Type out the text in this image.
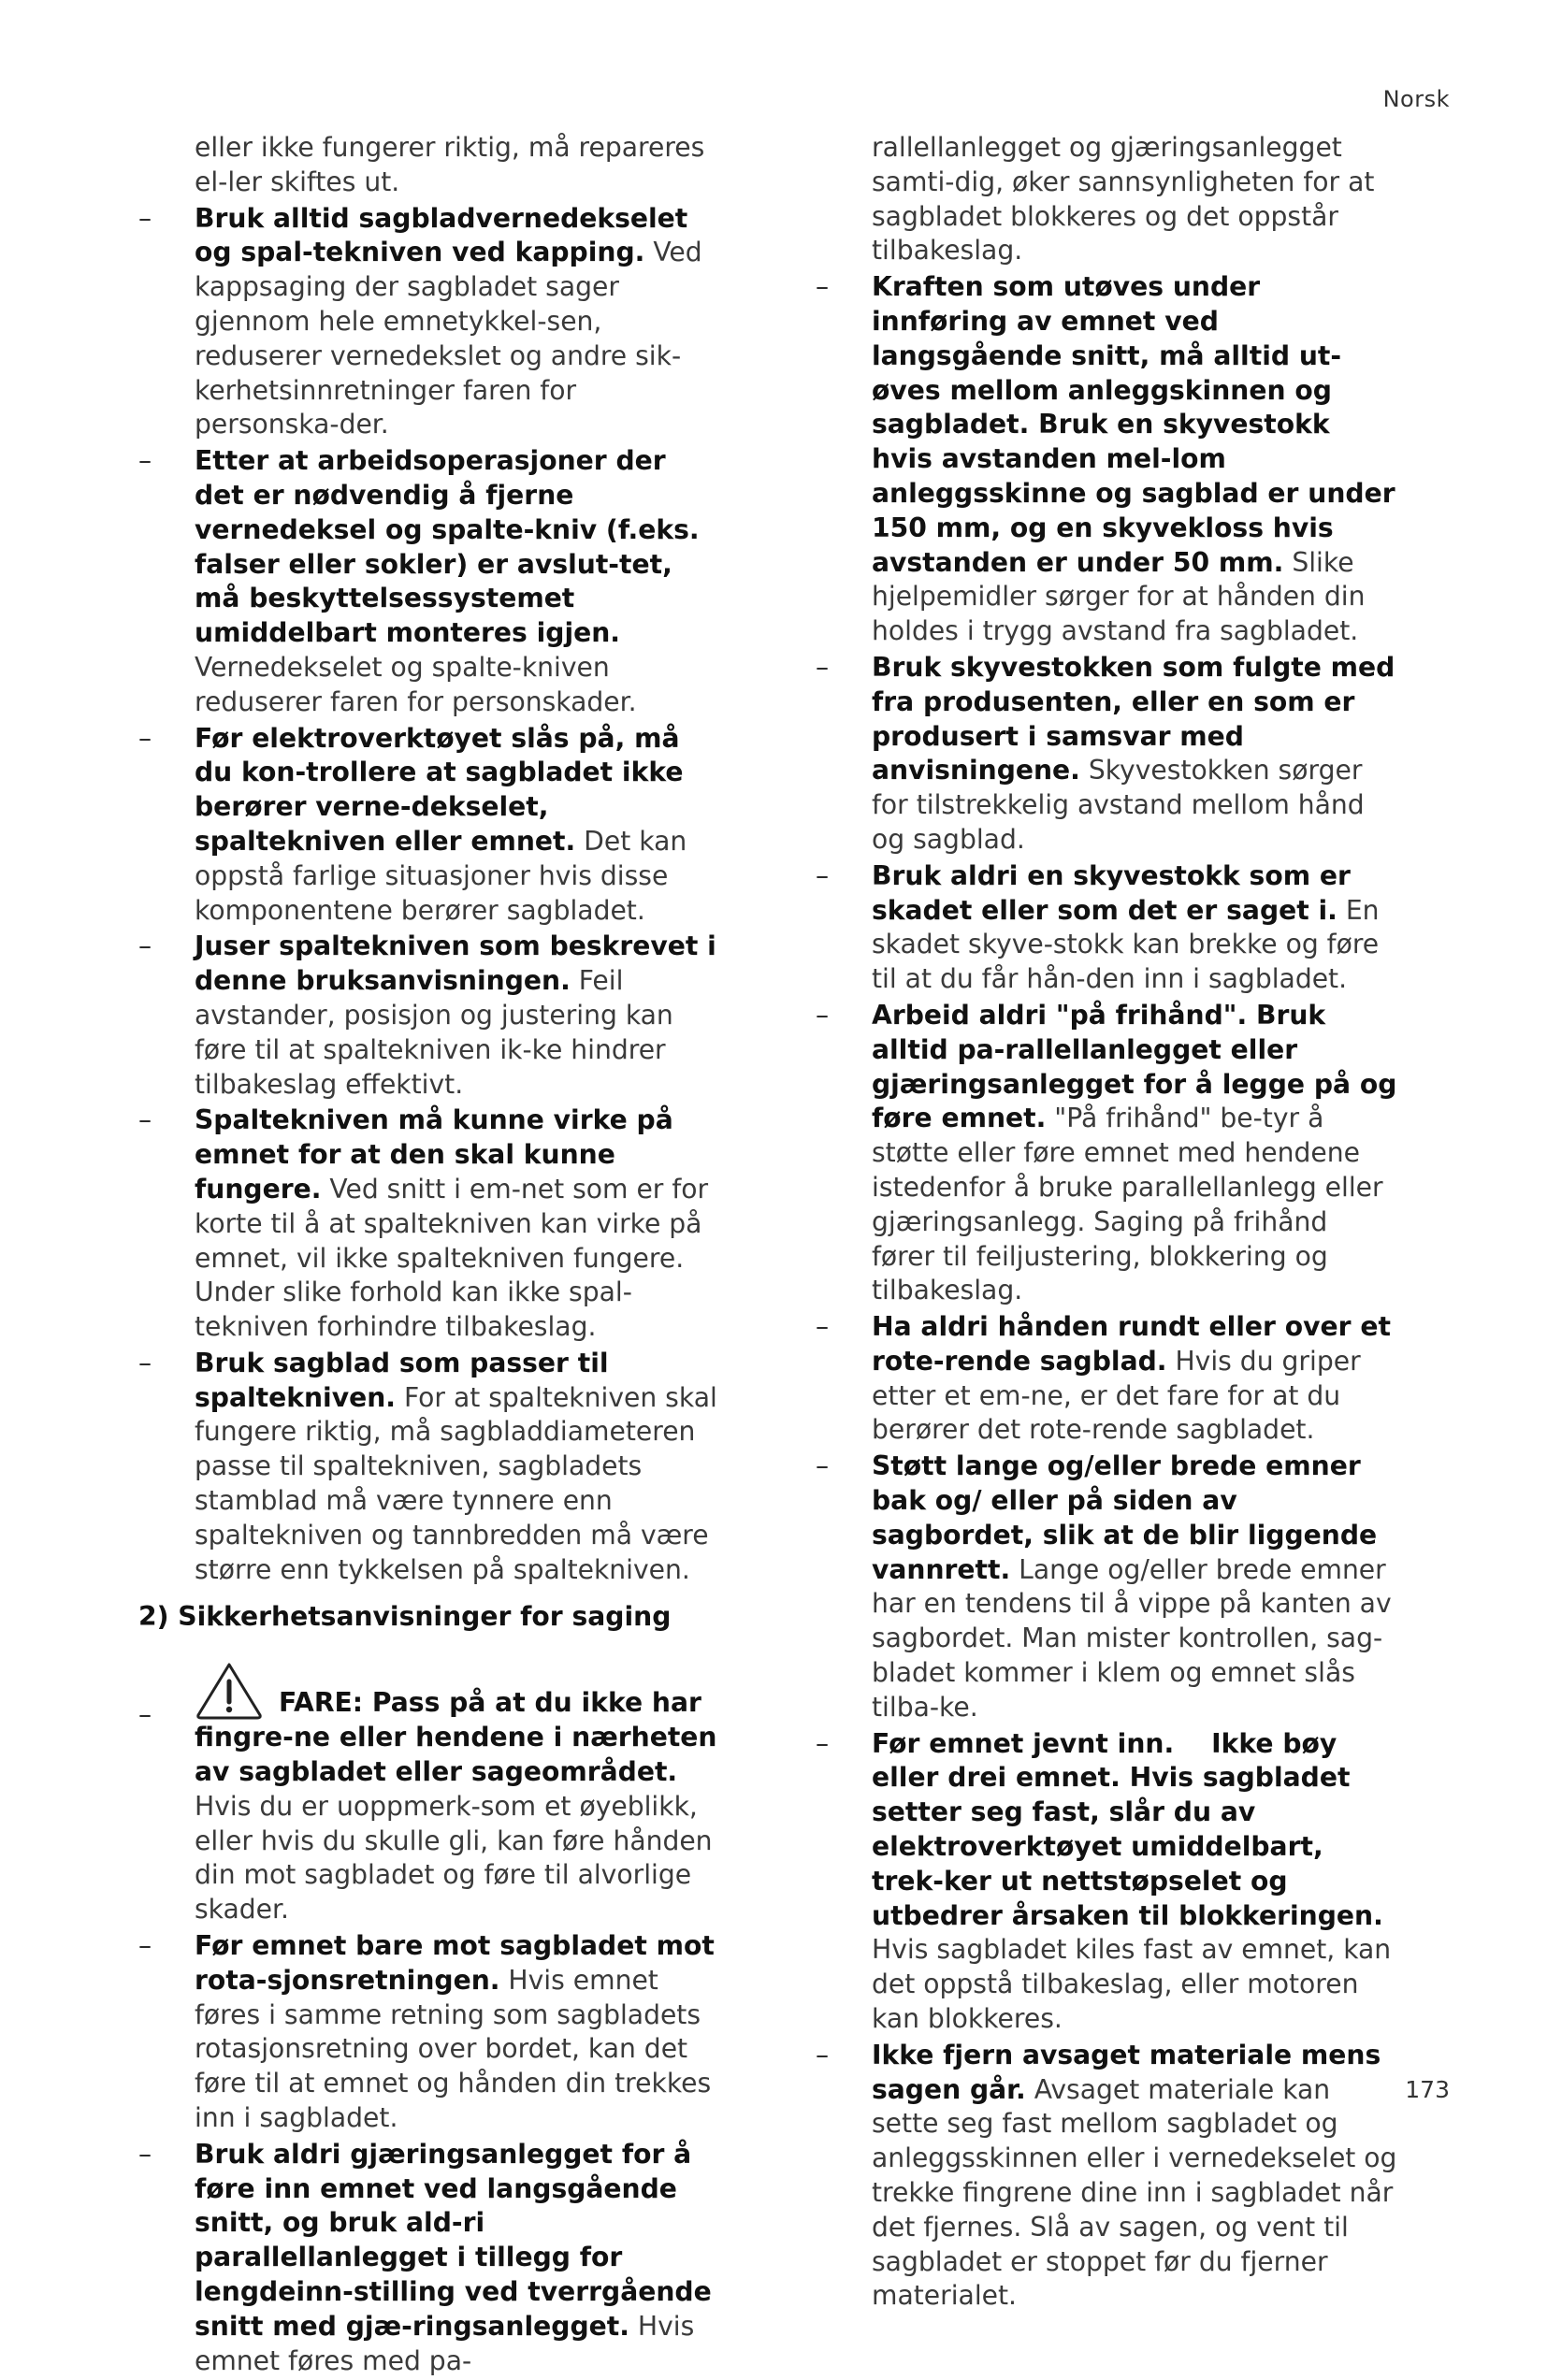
Norsk
eller ikke fungerer riktig, må repareres el-ler skiftes ut.
–	Bruk alltid sagbladvernedekselet og spal-tekniven ved kapping. Ved kappsaging der sagbladet sager gjennom hele emnetykkel-sen, reduserer vernedekslet og andre sik-kerhetsinnretninger faren for personska-der.
–	Etter at arbeidsoperasjoner der det er nødvendig å fjerne vernedeksel og spalte-kniv (f.eks. falser eller sokler) er avslut-tet, må beskyttelsessystemet umiddelbart monteres igjen. Vernedekselet og spalte-kniven reduserer faren for personskader.
–	Før elektroverktøyet slås på, må du kon-trollere at sagbladet ikke berører verne-dekselet, spaltekniven eller emnet. Det kan oppstå farlige situasjoner hvis disse komponentene berører sagbladet.
–	Juser spaltekniven som beskrevet i denne bruksanvisningen. Feil avstander, posisjon og justering kan føre til at spaltekniven ik-ke hindrer tilbakeslag effektivt.
–	Spaltekniven må kunne virke på emnet for at den skal kunne fungere. Ved snitt i em-net som er for korte til å at spaltekniven kan virke på emnet, vil ikke spaltekniven fungere. Under slike forhold kan ikke spal-tekniven forhindre tilbakeslag.
–	Bruk sagblad som passer til spaltekniven. For at spaltekniven skal fungere riktig, må sagbladdiameteren passe til spaltekniven, sagbladets stamblad må være tynnere enn spaltekniven og tannbredden må være større enn tykkelsen på spaltekniven.
2) Sikkerhetsanvisninger for saging
–	FARE: Pass på at du ikke har fingre-ne eller hendene i nærheten av sagbladet eller sageområdet. Hvis du er uoppmerk-som et øyeblikk, eller hvis du skulle gli, kan føre hånden din mot sagbladet og føre til alvorlige skader.
–	Før emnet bare mot sagbladet mot rota-sjonsretningen. Hvis emnet føres i samme retning som sagbladets rotasjonsretning over bordet, kan det føre til at emnet og hånden din trekkes inn i sagbladet.
–	Bruk aldri gjæringsanlegget for å føre inn emnet ved langsgående snitt, og bruk ald-ri parallellanlegget i tillegg for lengdeinn-stilling ved tverrgående snitt med gjæ-ringsanlegget. Hvis emnet føres med pa-
rallellanlegget og gjæringsanlegget samti-dig, øker sannsynligheten for at sagbladet blokkeres og det oppstår tilbakeslag.
–	Kraften som utøves under innføring av emnet ved langsgående snitt, må alltid ut-øves mellom anleggskinnen og sagbladet. Bruk en skyvestokk hvis avstanden mel-lom anleggsskinne og sagblad er under 150 mm, og en skyvekloss hvis avstanden er under 50 mm. Slike hjelpemidler sørger for at hånden din holdes i trygg avstand fra sagbladet.
–	Bruk skyvestokken som fulgte med fra produsenten, eller en som er produsert i samsvar med anvisningene. Skyvestokken sørger for tilstrekkelig avstand mellom hånd og sagblad.
–	Bruk aldri en skyvestokk som er skadet eller som det er saget i. En skadet skyve-stokk kan brekke og føre til at du får hån-den inn i sagbladet.
–	Arbeid aldri "på frihånd". Bruk alltid pa-rallellanlegget eller gjæringsanlegget for å legge på og føre emnet. "På frihånd" be-tyr å støtte eller føre emnet med hendene istedenfor å bruke parallellanlegg eller gjæringsanlegg. Saging på frihånd fører til feiljustering, blokkering og tilbakeslag.
–	Ha aldri hånden rundt eller over et rote-rende sagblad. Hvis du griper etter et em-ne, er det fare for at du berører det rote-rende sagbladet.
–	Støtt lange og/eller brede emner bak og/ eller på siden av sagbordet, slik at de blir liggende vannrett. Lange og/eller brede emner har en tendens til å vippe på kanten av sagbordet. Man mister kontrollen, sag-bladet kommer i klem og emnet slås tilba-ke.
–	Før emnet jevnt inn. Ikke bøy eller drei emnet. Hvis sagbladet setter seg fast, slår du av elektroverktøyet umiddelbart, trek-ker ut nettstøpselet og utbedrer årsaken til blokkeringen. Hvis sagbladet kiles fast av emnet, kan det oppstå tilbakeslag, eller motoren kan blokkeres.
–	Ikke fjern avsaget materiale mens sagen går. Avsaget materiale kan sette seg fast mellom sagbladet og anleggsskinnen eller i vernedekselet og trekke fingrene dine inn i sagbladet når det fjernes. Slå av sagen, og vent til sagbladet er stoppet før du fjerner materialet.
173
